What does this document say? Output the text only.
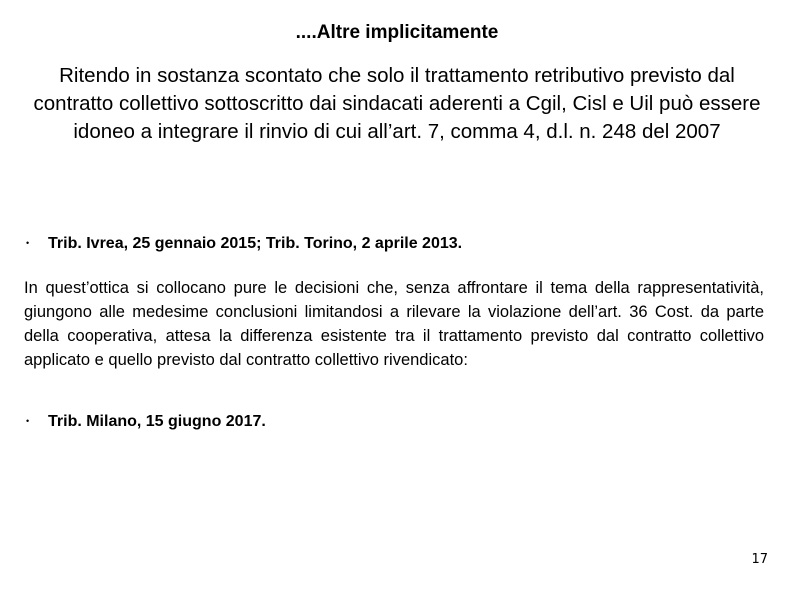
....Altre implicitamente
Ritendo in sostanza scontato che solo il trattamento retributivo previsto dal contratto collettivo sottoscritto dai sindacati aderenti a Cgil, Cisl e Uil può essere idoneo a integrare il rinvio di cui all’art. 7, comma 4, d.l. n. 248 del 2007
•	Trib. Ivrea, 25 gennaio 2015; Trib. Torino, 2 aprile 2013.
In quest’ottica si collocano pure le decisioni che, senza affrontare il tema della rappresentatività, giungono alle medesime conclusioni limitandosi a rilevare la violazione dell’art. 36 Cost. da parte della cooperativa, attesa la differenza esistente tra il trattamento previsto dal contratto collettivo applicato e quello previsto dal contratto collettivo rivendicato:
•	Trib. Milano, 15 giugno 2017.
17
